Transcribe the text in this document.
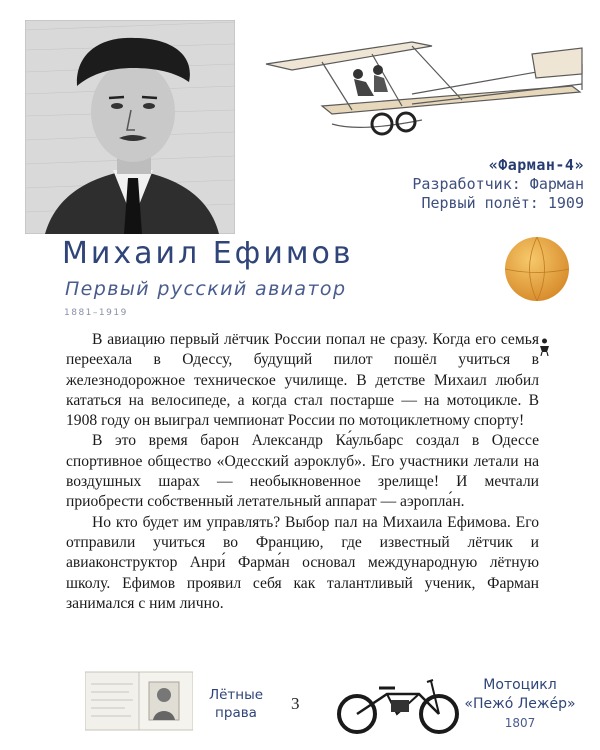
«Фарман-4»
Разработчик: Фарман
Первый полёт: 1909
Михаил Ефимов
Первый русский авиатор
1881–1919

В авиацию первый лётчик России попал не сразу. Когда его семья переехала в Одессу, будущий пилот пошёл учиться в железнодорожное техническое училище. В детстве Михаил любил кататься на велосипеде, а когда стал постарше — на мотоцикле. В 1908 году он выиграл чемпионат России по мотоциклетному спорту!

В это время барон Александр Ка́ульбарс создал в Одессе спортивное общество «Одесский аэроклуб». Его участники летали на воздушных шарах — необыкновенное зрелище! И мечтали приобрести собственный летательный аппарат — аэропла́н.

Но кто будет им управлять? Выбор пал на Михаила Ефимова. Его отправили учиться во Францию, где известный лётчик и авиаконструктор Анри́ Фарма́н основал международную лётную школу. Ефимов проявил себя как талантливый ученик, Фарман занимался с ним лично.

Лётные
права	3
Мотоцикл
«Пежо́ Леже́р»
1807
